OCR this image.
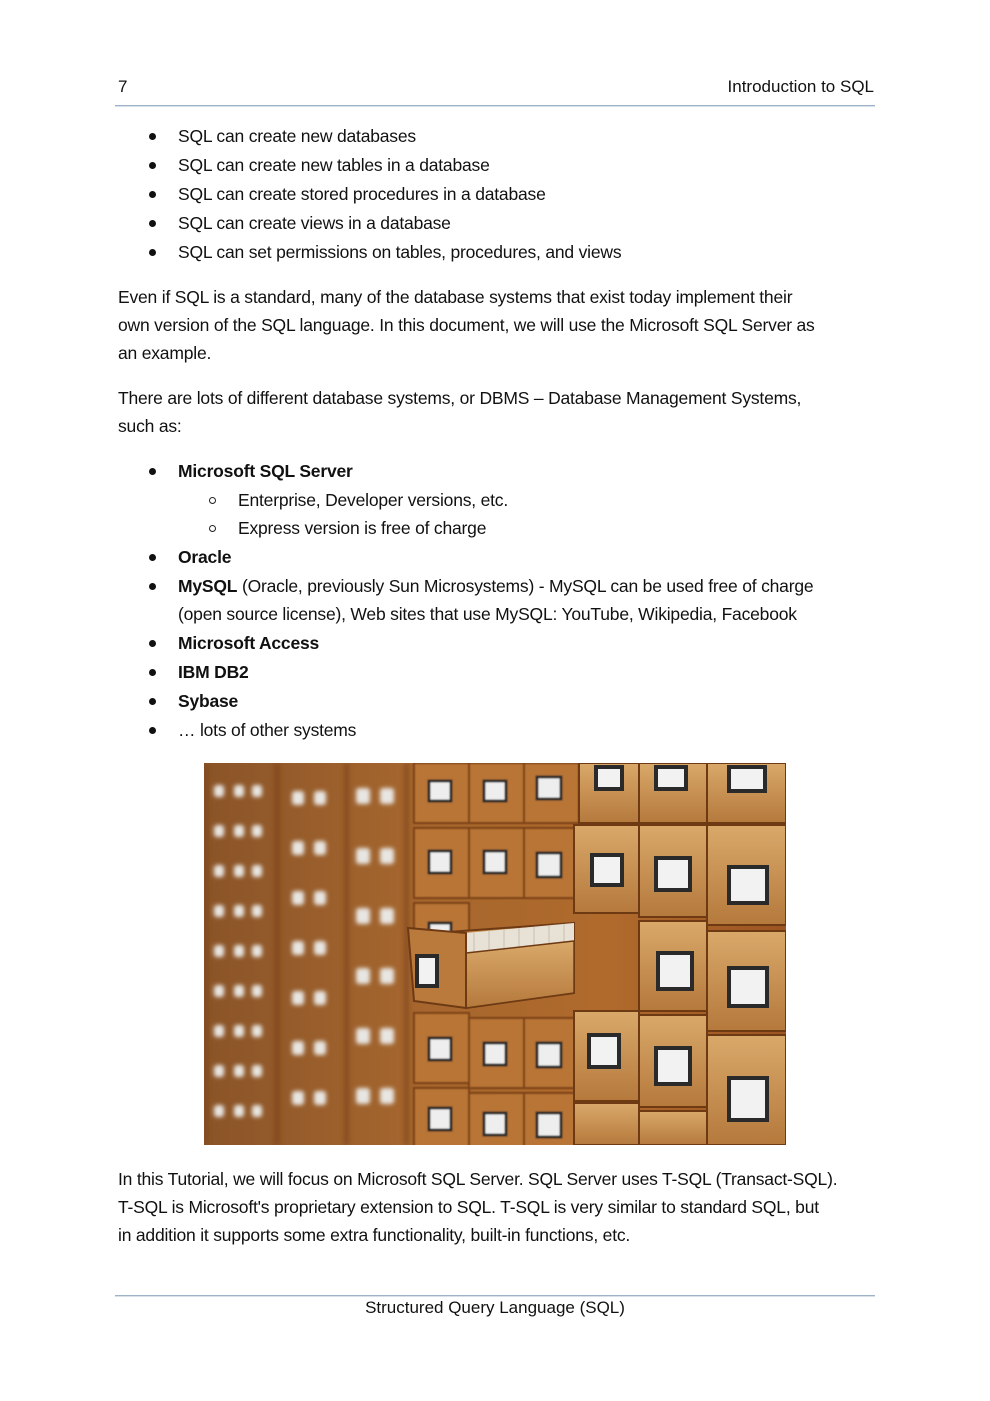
7	Introduction to SQL
SQL can create new databases
SQL can create new tables in a database
SQL can create stored procedures in a database
SQL can create views in a database
SQL can set permissions on tables, procedures, and views
Even if SQL is a standard, many of the database systems that exist today implement their
own version of the SQL language. In this document, we will use the Microsoft SQL Server as
an example.
There are lots of different database systems, or DBMS – Database Management Systems,
such as:
Microsoft SQL Server
Enterprise, Developer versions, etc.
Express version is free of charge
Oracle
MySQL (Oracle, previously Sun Microsystems) - MySQL can be used free of charge
(open source license), Web sites that use MySQL: YouTube, Wikipedia, Facebook
Microsoft Access
IBM DB2
Sybase
… lots of other systems
In this Tutorial, we will focus on Microsoft SQL Server. SQL Server uses T-SQL (Transact-SQL).
T-SQL is Microsoft's proprietary extension to SQL. T-SQL is very similar to standard SQL, but
in addition it supports some extra functionality, built-in functions, etc.
Structured Query Language (SQL)
